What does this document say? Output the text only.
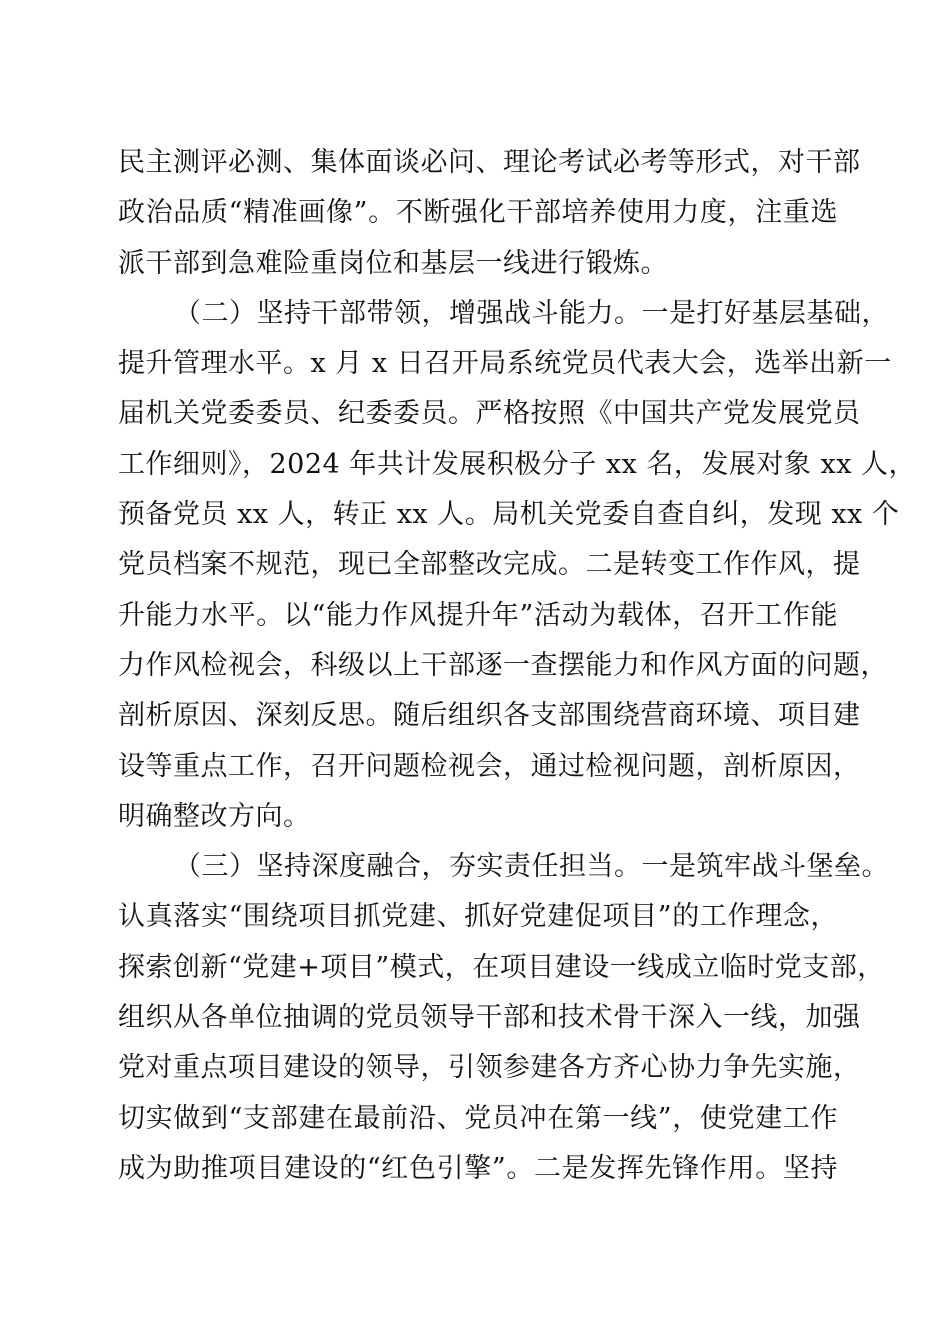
民主测评必测、集体面谈必问、理论考试必考等形式，对干部
政治品质“精准画像”。不断强化干部培养使用力度，注重选
派干部到急难险重岗位和基层一线进行锻炼。
（二）坚持干部带领，增强战斗能力。一是打好基层基础，
提升管理水平。x 月 x 日召开局系统党员代表大会，选举出新一
届机关党委委员、纪委委员。严格按照《中国共产党发展党员
工作细则》，2024 年共计发展积极分子 xx 名，发展对象 xx 人，
预备党员 xx 人，转正 xx 人。局机关党委自查自纠，发现 xx 个
党员档案不规范，现已全部整改完成。二是转变工作作风，提
升能力水平。以“能力作风提升年”活动为载体，召开工作能
力作风检视会，科级以上干部逐一查摆能力和作风方面的问题，
剖析原因、深刻反思。随后组织各支部围绕营商环境、项目建
设等重点工作，召开问题检视会，通过检视问题，剖析原因，
明确整改方向。
（三）坚持深度融合，夯实责任担当。一是筑牢战斗堡垒。
认真落实“围绕项目抓党建、抓好党建促项目”的工作理念，
探索创新“党建+项目”模式，在项目建设一线成立临时党支部，
组织从各单位抽调的党员领导干部和技术骨干深入一线，加强
党对重点项目建设的领导，引领参建各方齐心协力争先实施，
切实做到“支部建在最前沿、党员冲在第一线”，使党建工作
成为助推项目建设的“红色引擎”。二是发挥先锋作用。坚持
